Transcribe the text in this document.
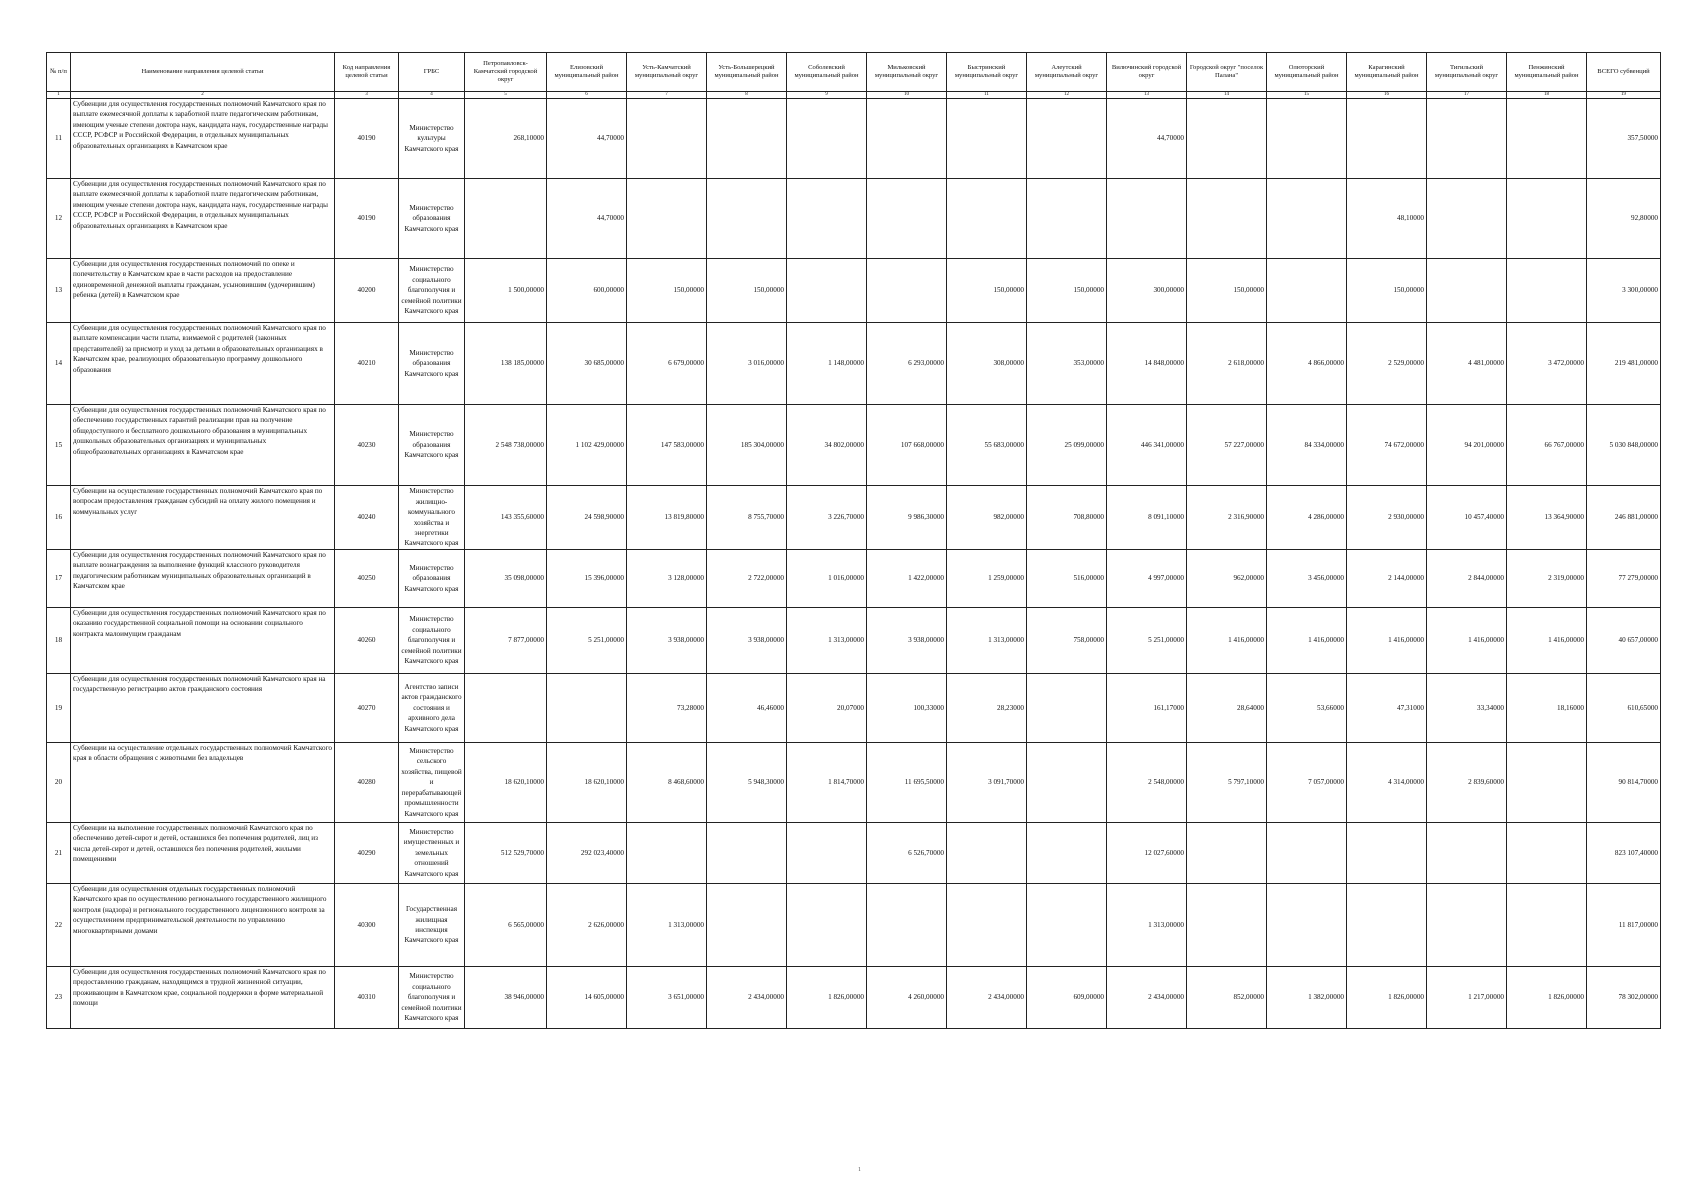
№ п/п	Наименование направления целевой статьи	Код направления целевой статьи	ГРБС	Петропавловск-Камчатский городской округ	Елизовский муниципальный район	Усть-Камчатский муниципальный округ	Усть-Большерецкий муниципальный район	Соболевский муниципальный район	Мильковский муниципальный округ	Быстринский муниципальный округ	Алеутский муниципальный округ	Вилючинский городской округ	Городской округ "поселок Палана"	Олюторский муниципальный район	Карагинский муниципальный район	Тигильский муниципальный округ	Пенжинский муниципальный район	ВСЕГО субвенций
1	2	3	4	5	6	7	8	9	10	11	12	13	14	15	16	17	18	19
11	Субвенции для осуществления государственных полномочий Камчатского края по выплате ежемесячной доплаты к заработной плате педагогическим работникам, имеющим ученые степени доктора наук, кандидата наук, государственные награды СССР, РСФСР и Российской Федерации, в отдельных муниципальных образовательных организациях в Камчатском крае	40190	Министерство культуры Камчатского края	268,10000	44,70000							44,70000						357,50000
12	Субвенции для осуществления государственных полномочий Камчатского края по выплате ежемесячной доплаты к заработной плате педагогическим работникам, имеющим ученые степени доктора наук, кандидата наук, государственные награды СССР, РСФСР и Российской Федерации, в отдельных муниципальных образовательных организациях в Камчатском крае	40190	Министерство образования Камчатского края		44,70000										48,10000			92,80000
13	Субвенции для осуществления государственных полномочий по опеке и попечительству в Камчатском крае в части расходов на предоставление единовременной денежной выплаты гражданам, усыновившим (удочерившим) ребенка (детей) в Камчатском крае	40200	Министерство социального благополучия и семейной политики Камчатского края	1 500,00000	600,00000	150,00000	150,00000			150,00000	150,00000	300,00000	150,00000		150,00000			3 300,00000
14	Субвенции для осуществления государственных полномочий Камчатского края по выплате компенсации части платы, взимаемой с родителей (законных представителей) за присмотр и уход за детьми в образовательных организациях в Камчатском крае, реализующих образовательную программу дошкольного образования	40210	Министерство образования Камчатского края	138 185,00000	30 685,00000	6 679,00000	3 016,00000	1 148,00000	6 293,00000	308,00000	353,00000	14 848,00000	2 618,00000	4 866,00000	2 529,00000	4 481,00000	3 472,00000	219 481,00000
15	Субвенции для осуществления государственных полномочий Камчатского края по обеспечению государственных гарантий реализации прав на получение общедоступного и бесплатного дошкольного образования в муниципальных дошкольных образовательных организациях и муниципальных общеобразовательных организациях в Камчатском крае	40230	Министерство образования Камчатского края	2 548 738,00000	1 102 429,00000	147 583,00000	185 304,00000	34 802,00000	107 668,00000	55 683,00000	25 099,00000	446 341,00000	57 227,00000	84 334,00000	74 672,00000	94 201,00000	66 767,00000	5 030 848,00000
16	Субвенции на осуществление государственных полномочий Камчатского края по вопросам предоставления гражданам субсидий на оплату жилого помещения и коммунальных услуг	40240	Министерство жилищно-коммунального хозяйства и энергетики Камчатского края	143 355,60000	24 598,90000	13 819,80000	8 755,70000	3 226,70000	9 986,30000	982,00000	708,80000	8 091,10000	2 316,90000	4 286,00000	2 930,00000	10 457,40000	13 364,90000	246 881,00000
17	Субвенции для осуществления государственных полномочий Камчатского края по выплате вознаграждения за выполнение функций классного руководителя педагогическим работникам муниципальных образовательных организаций в Камчатском крае	40250	Министерство образования Камчатского края	35 098,00000	15 396,00000	3 128,00000	2 722,00000	1 016,00000	1 422,00000	1 259,00000	516,00000	4 997,00000	962,00000	3 456,00000	2 144,00000	2 844,00000	2 319,00000	77 279,00000
18	Субвенции для осуществления государственных полномочий Камчатского края по оказанию государственной социальной помощи на основании социального контракта малоимущим гражданам	40260	Министерство социального благополучия и семейной политики Камчатского края	7 877,00000	5 251,00000	3 938,00000	3 938,00000	1 313,00000	3 938,00000	1 313,00000	758,00000	5 251,00000	1 416,00000	1 416,00000	1 416,00000	1 416,00000	1 416,00000	40 657,00000
19	Субвенции для осуществления государственных полномочий Камчатского края на государственную регистрацию актов гражданского состояния	40270	Агентство записи актов гражданского состояния и архивного дела Камчатского края			73,28000	46,46000	20,07000	100,33000	28,23000		161,17000	28,64000	53,66000	47,31000	33,34000	18,16000	610,65000
20	Субвенции на осуществление отдельных государственных полномочий Камчатского края в области обращения с животными без владельцев	40280	Министерство сельского хозяйства, пищевой и перерабатывающей промышленности Камчатского края	18 620,10000	18 620,10000	8 468,60000	5 948,30000	1 814,70000	11 695,50000	3 091,70000		2 548,00000	5 797,10000	7 057,00000	4 314,00000	2 839,60000		90 814,70000
21	Субвенции на выполнение государственных полномочий Камчатского края по обеспечению детей-сирот и детей, оставшихся без попечения родителей, лиц из числа детей-сирот и детей, оставшихся без попечения родителей, жилыми помещениями	40290	Министерство имущественных и земельных отношений Камчатского края	512 529,70000	292 023,40000				6 526,70000			12 027,60000						823 107,40000
22	Субвенции для осуществления отдельных государственных полномочий Камчатского края по осуществлению регионального государственного жилищного контроля (надзора) и регионального государственного лицензионного контроля за осуществлением предпринимательской деятельности по управлению многоквартирными домами	40300	Государственная жилищная инспекция Камчатского края	6 565,00000	2 626,00000	1 313,00000						1 313,00000						11 817,00000
23	Субвенции для осуществления государственных полномочий Камчатского края по предоставлению гражданам, находящимся в трудной жизненной ситуации, проживающим в Камчатском крае, социальной поддержки в форме материальной помощи	40310	Министерство социального благополучия и семейной политики Камчатского края	38 946,00000	14 605,00000	3 651,00000	2 434,00000	1 826,00000	4 260,00000	2 434,00000	609,00000	2 434,00000	852,00000	1 382,00000	1 826,00000	1 217,00000	1 826,00000	78 302,00000
1
